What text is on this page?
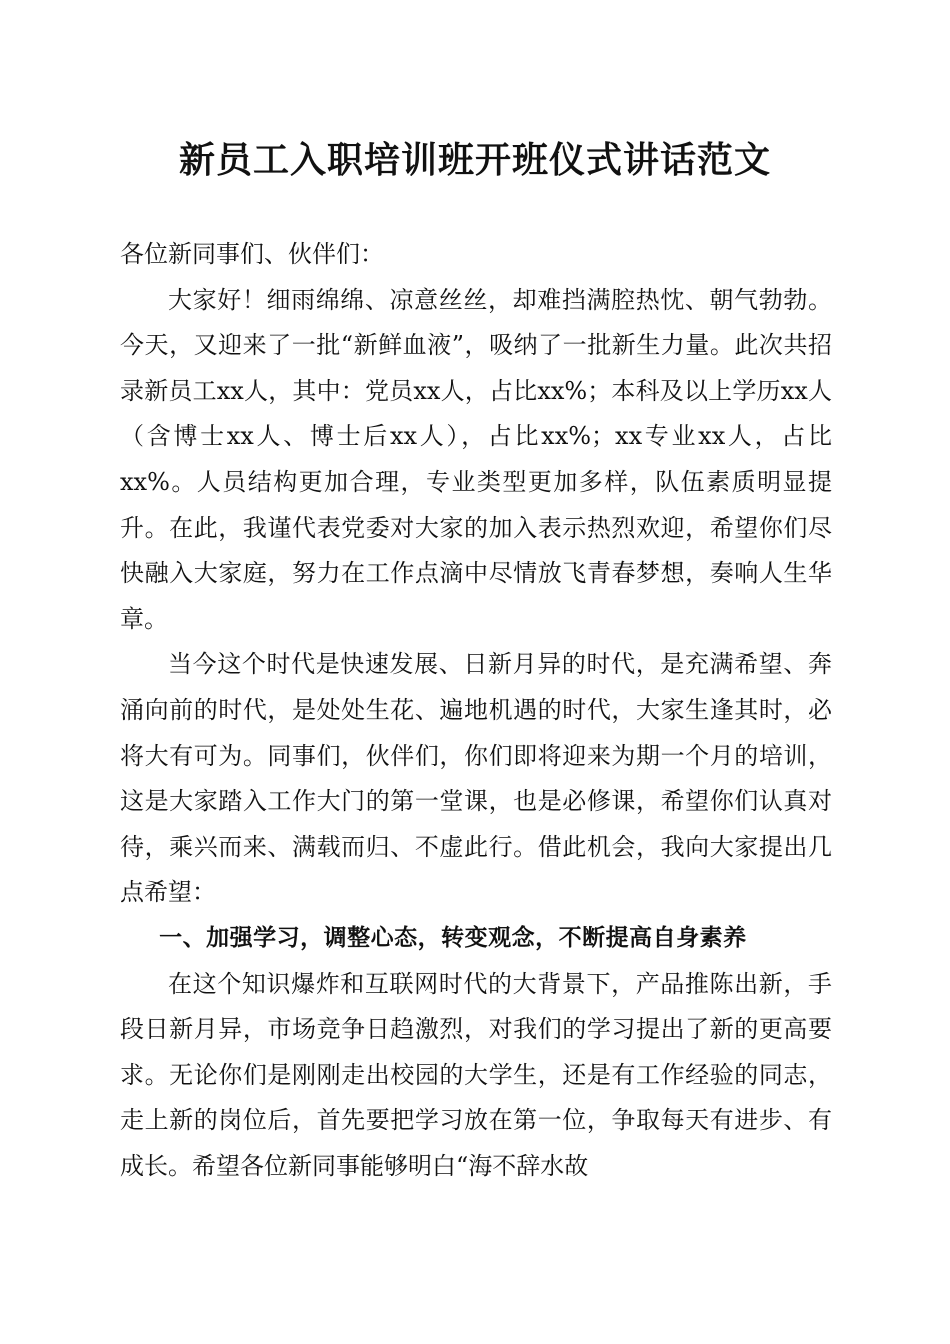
新员工入职培训班开班仪式讲话范文

各位新同事们、伙伴们：

大家好！细雨绵绵、凉意丝丝，却难挡满腔热忱、朝气勃勃。今天，又迎来了一批“新鲜血液”，吸纳了一批新生力量。此次共招录新员工xx人，其中：党员xx人，占比xx%；本科及以上学历xx人（含博士xx人、博士后xx人），占比xx%；xx专业xx人，占比xx%。人员结构更加合理，专业类型更加多样，队伍素质明显提升。在此，我谨代表党委对大家的加入表示热烈欢迎，希望你们尽快融入大家庭，努力在工作点滴中尽情放飞青春梦想，奏响人生华章。

当今这个时代是快速发展、日新月异的时代，是充满希望、奔涌向前的时代，是处处生花、遍地机遇的时代，大家生逢其时，必将大有可为。同事们，伙伴们，你们即将迎来为期一个月的培训，这是大家踏入工作大门的第一堂课，也是必修课，希望你们认真对待，乘兴而来、满载而归、不虚此行。借此机会，我向大家提出几点希望：

一、加强学习，调整心态，转变观念，不断提高自身素养

在这个知识爆炸和互联网时代的大背景下，产品推陈出新，手段日新月异，市场竞争日趋激烈，对我们的学习提出了新的更高要求。无论你们是刚刚走出校园的大学生，还是有工作经验的同志，走上新的岗位后，首先要把学习放在第一位，争取每天有进步、有成长。希望各位新同事能够明白“海不辞水故
